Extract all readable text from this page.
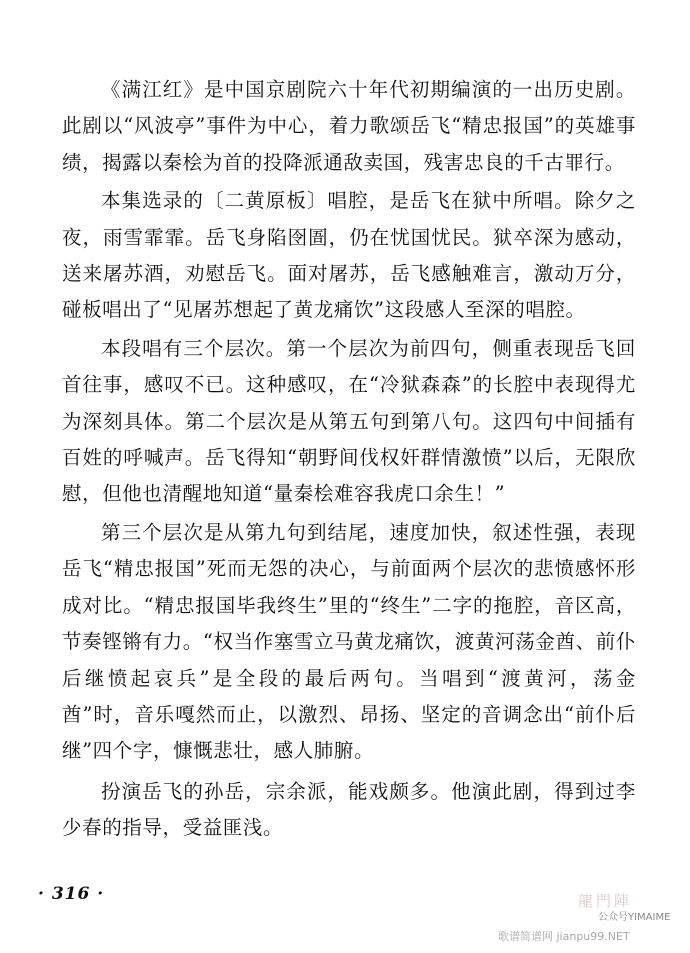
《满江红》是中国京剧院六十年代初期编演的一出历史剧。此剧以“风波亭”事件为中心，着力歌颂岳飞“精忠报国”的英雄事绩，揭露以秦桧为首的投降派通敌卖国，残害忠良的千古罪行。

本集选录的〔二黄原板〕唱腔，是岳飞在狱中所唱。除夕之夜，雨雪霏霏。岳飞身陷囹圄，仍在忧国忧民。狱卒深为感动，送来屠苏酒，劝慰岳飞。面对屠苏，岳飞感触难言，激动万分，碰板唱出了“见屠苏想起了黄龙痛饮”这段感人至深的唱腔。

本段唱有三个层次。第一个层次为前四句，侧重表现岳飞回首往事，感叹不已。这种感叹，在“冷狱森森”的长腔中表现得尤为深刻具体。第二个层次是从第五句到第八句。这四句中间插有百姓的呼喊声。岳飞得知“朝野间伐权奸群情激愤”以后，无限欣慰，但他也清醒地知道“量秦桧难容我虎口余生！”

第三个层次是从第九句到结尾，速度加快，叙述性强，表现岳飞“精忠报国”死而无怨的决心，与前面两个层次的悲愤感怀形成对比。“精忠报国毕我终生”里的“终生”二字的拖腔，音区高，节奏铿锵有力。“权当作塞雪立马黄龙痛饮，渡黄河荡金酋、前仆后继愤起哀兵”是全段的最后两句。当唱到“渡黄河，荡金酋”时，音乐嘎然而止，以激烈、昂扬、坚定的音调念出“前仆后继”四个字，慷慨悲壮，感人肺腑。

扮演岳飞的孙岳，宗余派，能戏颇多。他演此剧，得到过李少春的指导，受益匪浅。

· 316 ·	龍門陣
公众号YIMAIME
歌谱简谱网 jianpu99.NET
